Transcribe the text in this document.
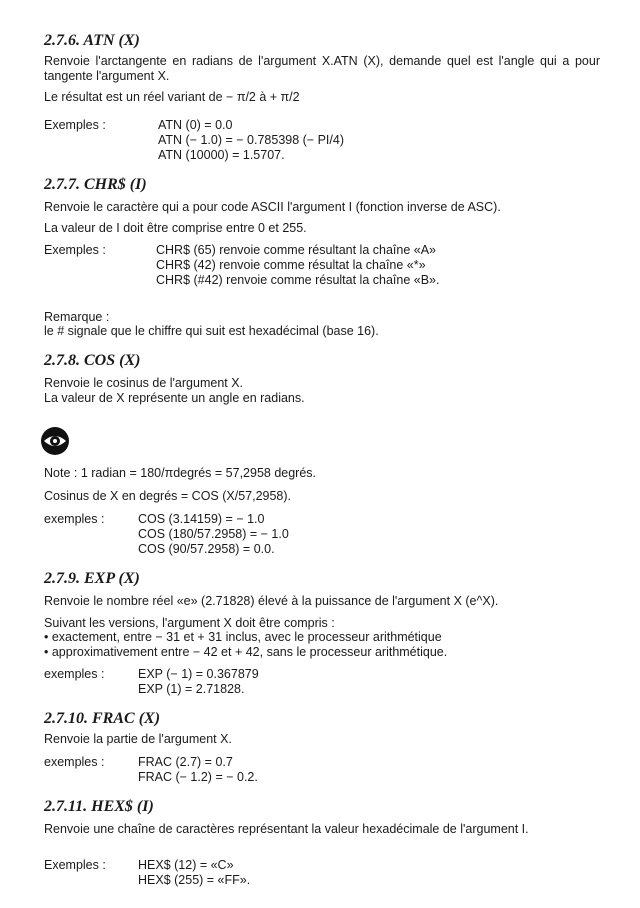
2.7.6. ATN (X)
Renvoie l'arctangente en radians de l'argument X.ATN (X), demande quel est l'angle qui a pour tangente l'argument X.
Le résultat est un réel variant de − π/2 à + π/2
Exemples :	ATN (0) = 0.0
ATN (− 1.0) = − 0.785398 (− PI/4)
ATN (10000) = 1.5707.
2.7.7. CHR$ (I)
Renvoie le caractère qui a pour code ASCII l'argument I (fonction inverse de ASC).
La valeur de I doit être comprise entre 0 et 255.
Exemples :	CHR$ (65) renvoie comme résultant la chaîne «A»
CHR$ (42) renvoie comme résultat la chaîne «*»
CHR$ (#42) renvoie comme résultat la chaîne «B».
Remarque :
le # signale que le chiffre qui suit est hexadécimal (base 16).
2.7.8. COS (X)
Renvoie le cosinus de l'argument X.
La valeur de X représente un angle en radians.
Note : 1 radian = 180/πdegrés = 57,2958 degrés.
Cosinus de X en degrés = COS (X/57,2958).
exemples :	COS (3.14159) = − 1.0
COS (180/57.2958) = − 1.0
COS (90/57.2958) = 0.0.
2.7.9. EXP (X)
Renvoie le nombre réel «e» (2.71828) élevé à la puissance de l'argument X (e^X).
Suivant les versions, l'argument X doit être compris :
• exactement, entre − 31 et + 31 inclus, avec le processeur arithmétique
• approximativement entre − 42 et + 42, sans le processeur arithmétique.
exemples :	EXP (− 1) = 0.367879
EXP (1) = 2.71828.
2.7.10. FRAC (X)
Renvoie la partie de l'argument X.
exemples :	FRAC (2.7) = 0.7
FRAC (− 1.2) = − 0.2.
2.7.11. HEX$ (I)
Renvoie une chaîne de caractères représentant la valeur hexadécimale de l'argument I.
Exemples :	HEX$ (12) = «C»
HEX$ (255) = «FF».
